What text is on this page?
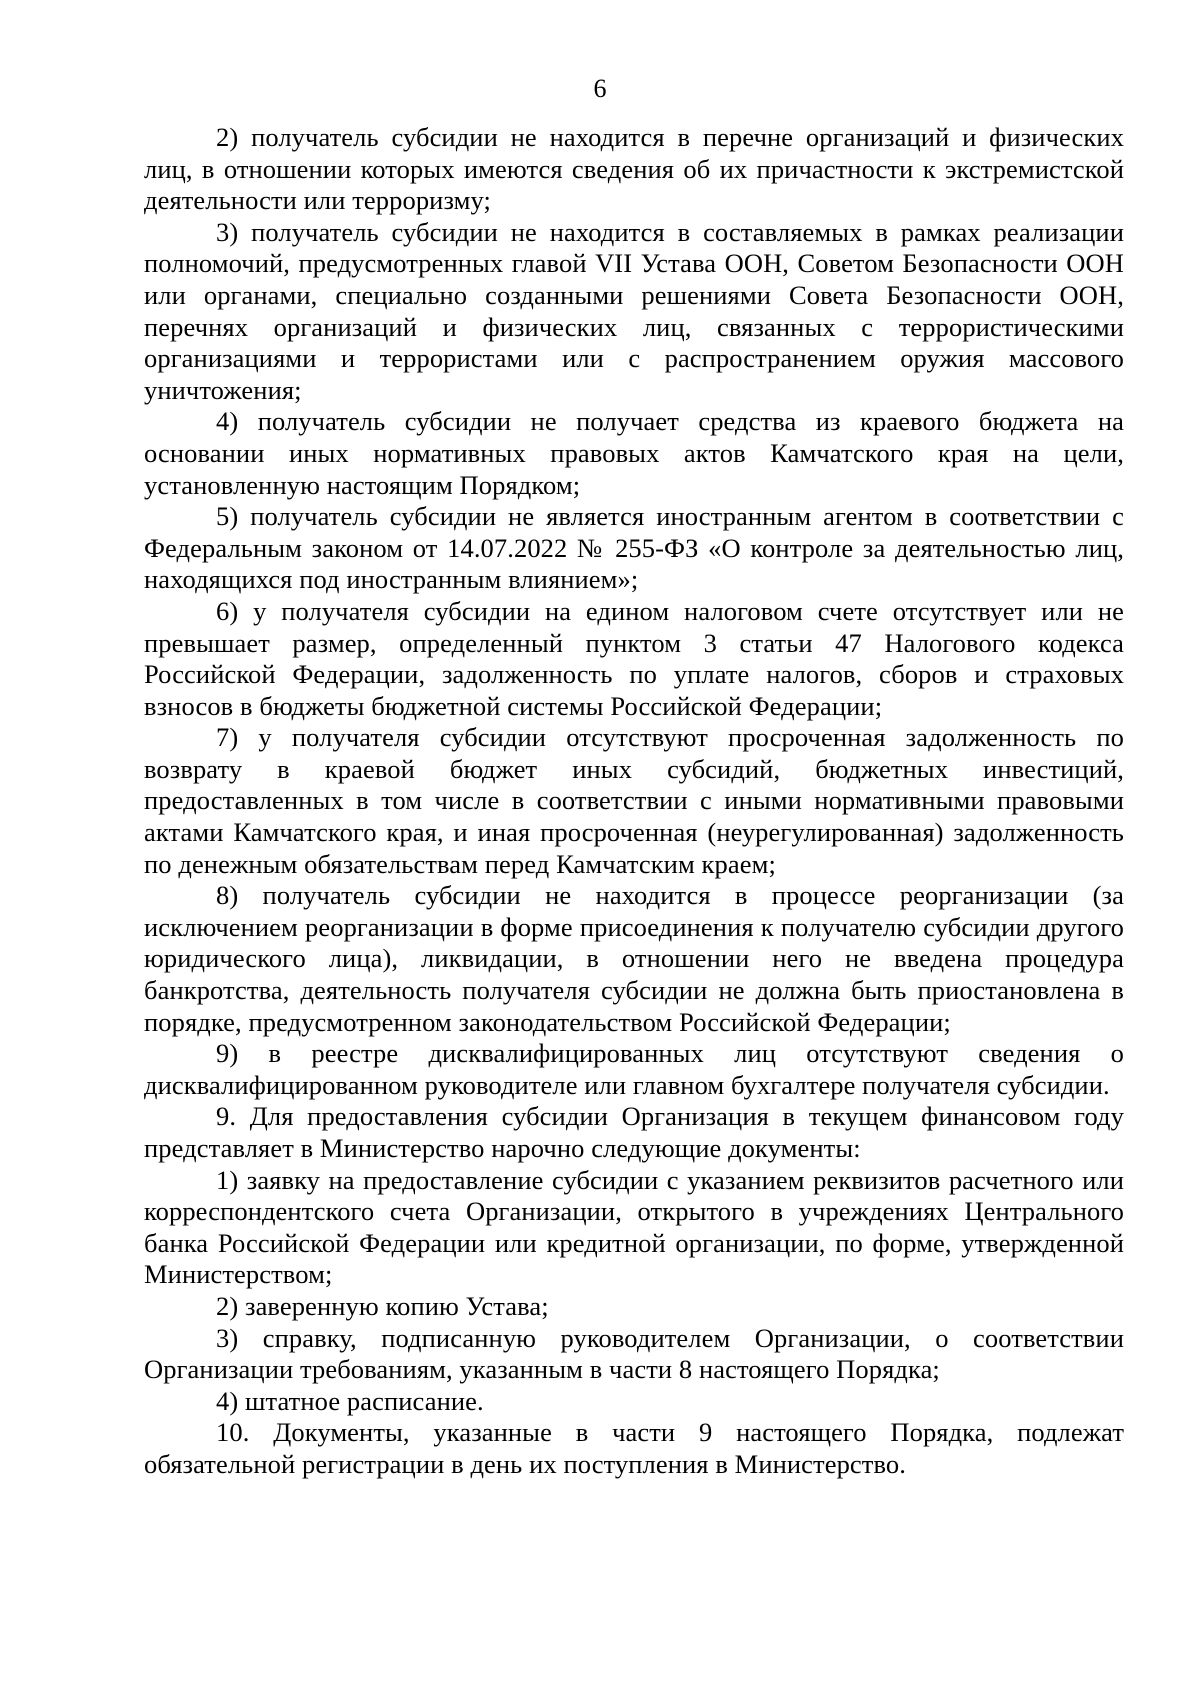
6

2) получатель субсидии не находится в перечне организаций и физических лиц, в отношении которых имеются сведения об их причастности к экстремистской деятельности или терроризму;

3) получатель субсидии не находится в составляемых в рамках реализации полномочий, предусмотренных главой VII Устава ООН, Советом Безопасности ООН или органами, специально созданными решениями Совета Безопасности ООН, перечнях организаций и физических лиц, связанных с террористическими организациями и террористами или с распространением оружия массового уничтожения;

4) получатель субсидии не получает средства из краевого бюджета на основании иных нормативных правовых актов Камчатского края на цели, установленную настоящим Порядком;

5) получатель субсидии не является иностранным агентом в соответствии с Федеральным законом от 14.07.2022 № 255-ФЗ «О контроле за деятельностью лиц, находящихся под иностранным влиянием»;

6) у получателя субсидии на едином налоговом счете отсутствует или не превышает размер, определенный пунктом 3 статьи 47 Налогового кодекса Российской Федерации, задолженность по уплате налогов, сборов и страховых взносов в бюджеты бюджетной системы Российской Федерации;

7) у получателя субсидии отсутствуют просроченная задолженность по возврату в краевой бюджет иных субсидий, бюджетных инвестиций, предоставленных в том числе в соответствии с иными нормативными правовыми актами Камчатского края, и иная просроченная (неурегулированная) задолженность по денежным обязательствам перед Камчатским краем;

8) получатель субсидии не находится в процессе реорганизации (за исключением реорганизации в форме присоединения к получателю субсидии другого юридического лица), ликвидации, в отношении него не введена процедура банкротства, деятельность получателя субсидии не должна быть приостановлена в порядке, предусмотренном законодательством Российской Федерации;

9) в реестре дисквалифицированных лиц отсутствуют сведения о дисквалифицированном руководителе или главном бухгалтере получателя субсидии.

9. Для предоставления субсидии Организация в текущем финансовом году представляет в Министерство нарочно следующие документы:

1) заявку на предоставление субсидии с указанием реквизитов расчетного или корреспондентского счета Организации, открытого в учреждениях Центрального банка Российской Федерации или кредитной организации, по форме, утвержденной Министерством;

2) заверенную копию Устава;

3) справку, подписанную руководителем Организации, о соответствии Организации требованиям, указанным в части 8 настоящего Порядка;

4) штатное расписание.

10. Документы, указанные в части 9 настоящего Порядка, подлежат обязательной регистрации в день их поступления в Министерство.
